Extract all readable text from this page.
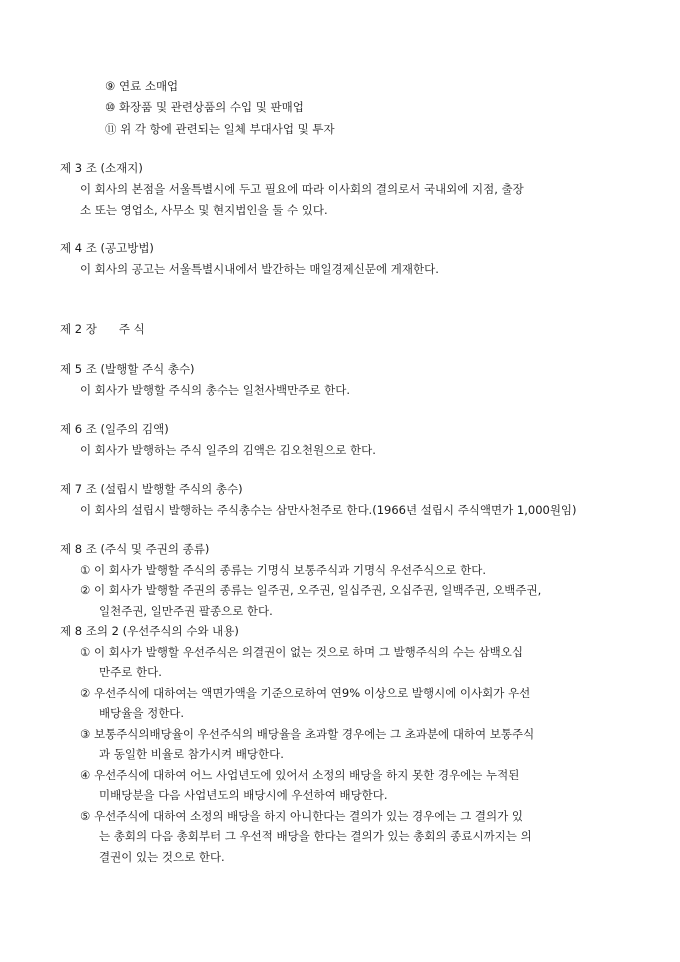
⑨ 연료 소매업
⑩ 화장품 및 관련상품의 수입 및 판매업
⑪ 위 각 항에 관련되는 일체 부대사업 및 투자
제 3 조 (소재지)
이 회사의 본점을 서울특별시에 두고 필요에 따라 이사회의 결의로서 국내외에 지점, 출장
소 또는 영업소, 사무소 및 현지법인을 둘 수 있다.
제 4 조 (공고방법)
이 회사의 공고는 서울특별시내에서 발간하는 매일경제신문에 게재한다.
제 2 장 주 식
제 5 조 (발행할 주식 총수)
이 회사가 발행할 주식의 총수는 일천사백만주로 한다.
제 6 조 (일주의 김액)
이 회사가 발행하는 주식 일주의 김액은 김오천원으로 한다.
제 7 조 (설립시 발행할 주식의 총수)
이 회사의 설립시 발행하는 주식총수는 삼만사천주로 한다.(1966년 설립시 주식액면가 1,000원임)
제 8 조 (주식 및 주권의 종류)
① 이 회사가 발행할 주식의 종류는 기명식 보통주식과 기명식 우선주식으로 한다.
② 이 회사가 발행할 주권의 종류는 일주권, 오주권, 일십주권, 오십주권, 일백주권, 오백주권,
일천주권, 일만주권 팔종으로 한다.
제 8 조의 2 (우선주식의 수와 내용)
① 이 회사가 발행할 우선주식은 의결권이 없는 것으로 하며 그 발행주식의 수는 삼백오십
만주로 한다.
② 우선주식에 대하여는 액면가액을 기준으로하여 연9% 이상으로 발행시에 이사회가 우선
배당율을 정한다.
③ 보통주식의배당율이 우선주식의 배당율을 초과할 경우에는 그 초과분에 대하여 보통주식
과 동일한 비율로 참가시켜 배당한다.
④ 우선주식에 대하여 어느 사업년도에 있어서 소정의 배당을 하지 못한 경우에는 누적된
미배당분을 다음 사업년도의 배당시에 우선하여 배당한다.
⑤ 우선주식에 대하여 소정의 배당을 하지 아니한다는 결의가 있는 경우에는 그 결의가 있
는 총회의 다음 총회부터 그 우선적 배당을 한다는 결의가 있는 총회의 종료시까지는 의
결권이 있는 것으로 한다.
